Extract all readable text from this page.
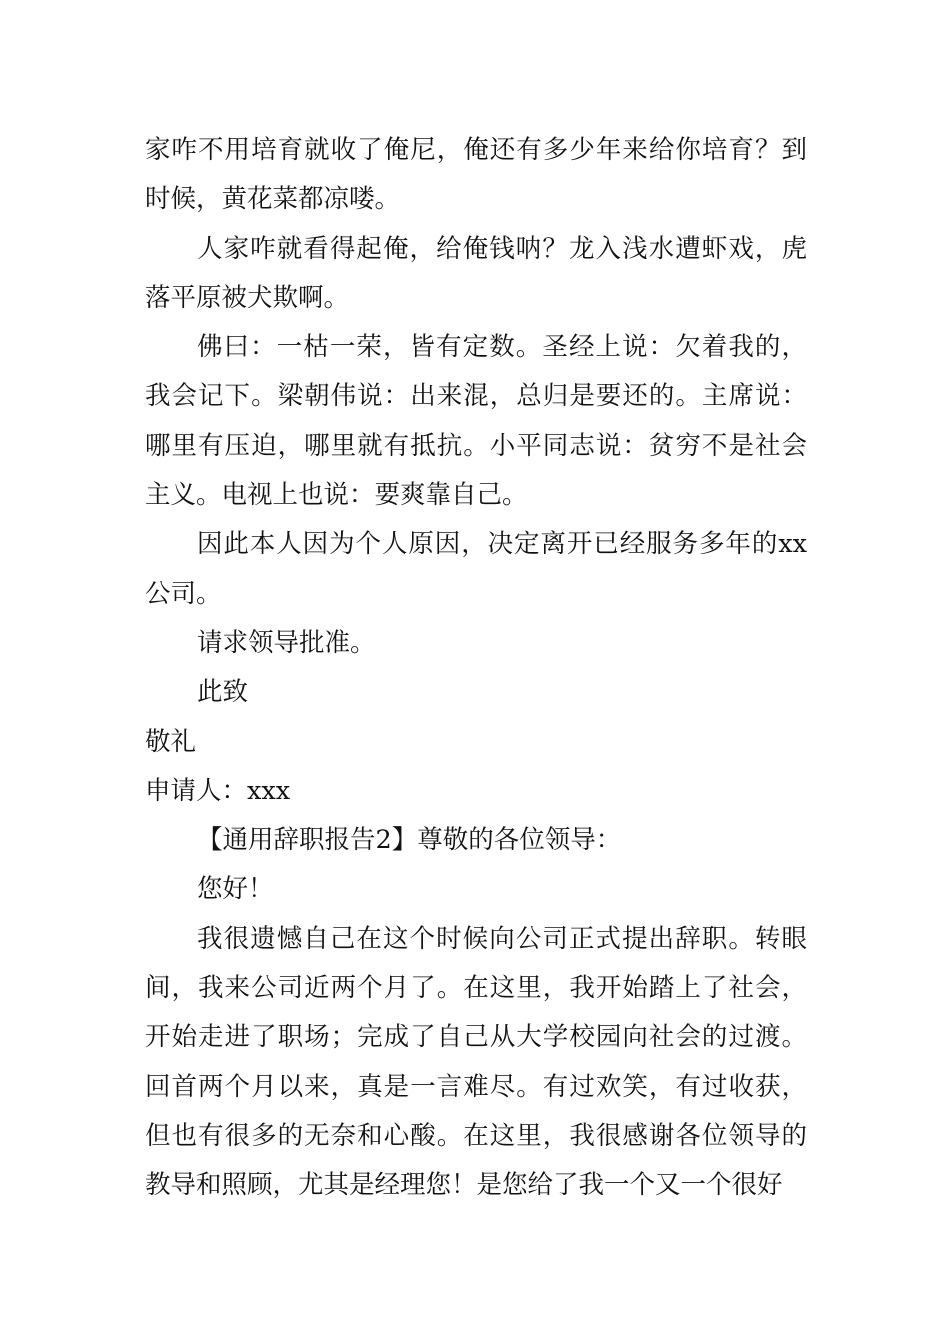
家咋不用培育就收了俺尼，俺还有多少年来给你培育？到时候，黄花菜都凉喽。

人家咋就看得起俺，给俺钱呐？龙入浅水遭虾戏，虎落平原被犬欺啊。

佛曰：一枯一荣，皆有定数。圣经上说：欠着我的，我会记下。梁朝伟说：出来混，总归是要还的。主席说：哪里有压迫，哪里就有抵抗。小平同志说：贫穷不是社会主义。电视上也说：要爽靠自己。

因此本人因为个人原因，决定离开已经服务多年的xx公司。

请求领导批准。

此致

敬礼

申请人：xxx

【通用辞职报告2】尊敬的各位领导：

您好！

我很遗憾自己在这个时候向公司正式提出辞职。转眼间，我来公司近两个月了。在这里，我开始踏上了社会，开始走进了职场；完成了自己从大学校园向社会的过渡。回首两个月以来，真是一言难尽。有过欢笑，有过收获，但也有很多的无奈和心酸。在这里，我很感谢各位领导的教导和照顾，尤其是经理您！是您给了我一个又一个很好
